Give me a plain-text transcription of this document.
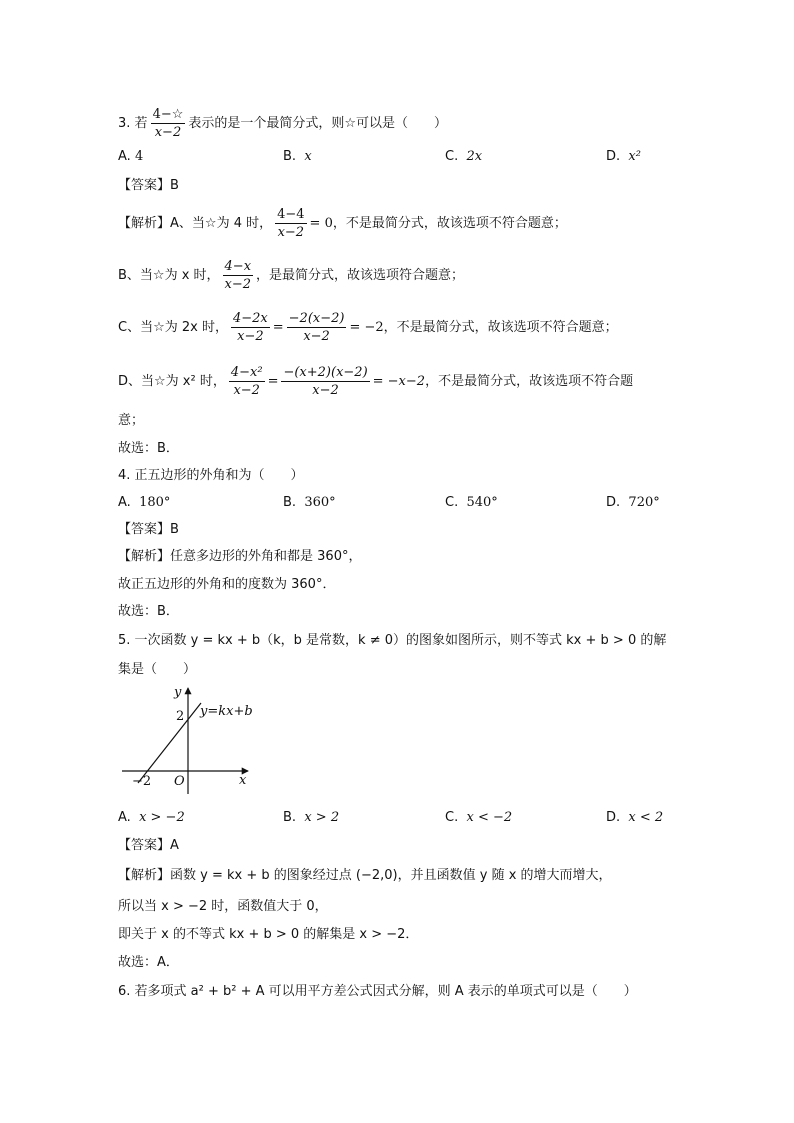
3. 若 $\frac{4-☆}{x-2}$ 表示的是一个最简分式，则☆可以是（　　）
A. 4	B. x	C. 2x	D. x²
【答案】B
【解析】A、当☆为 4 时， $\frac{4-4}{x-2} = 0$，不是最简分式，故该选项不符合题意；
B、当☆为 x 时， $\frac{4-x}{x-2}$ ，是最简分式，故该选项符合题意；
C、当☆为 2x 时， $\frac{4-2x}{x-2} = \frac{-2(x-2)}{x-2} = -2$，不是最简分式，故该选项不符合题意；
D、当☆为 x² 时， $\frac{\text{4−x²}}{x-2} = \frac{-(x+2)(x-2)}{x-2} = -x-2$，不是最简分式，故该选项不符合题
意；
故选：B．
4. 正五边形的外角和为（　　）
A. 180°	B. 360°	C. 540°	D. 720°
【答案】B
【解析】任意多边形的外角和都是 360°，
故正五边形的外角和的度数为 360°．
故选：B．
5. 一次函数 y = kx + b（k，b 是常数，k ≠ 0）的图象如图所示，则不等式 kx + b > 0 的解
集是（　　）
y
x
O
2
−2
y=kx+b
A. x > −2	B. x > 2	C. x < −2	D. x < 2
【答案】A
【解析】函数 y = kx + b 的图象经过点 (−2,0)，并且函数值 y 随 x 的增大而增大，
所以当 x > −2 时，函数值大于 0，
即关于 x 的不等式 kx + b > 0 的解集是 x > −2．
故选：A．
6. 若多项式 a² + b² + A 可以用平方差公式因式分解，则 A 表示的单项式可以是（　　）
